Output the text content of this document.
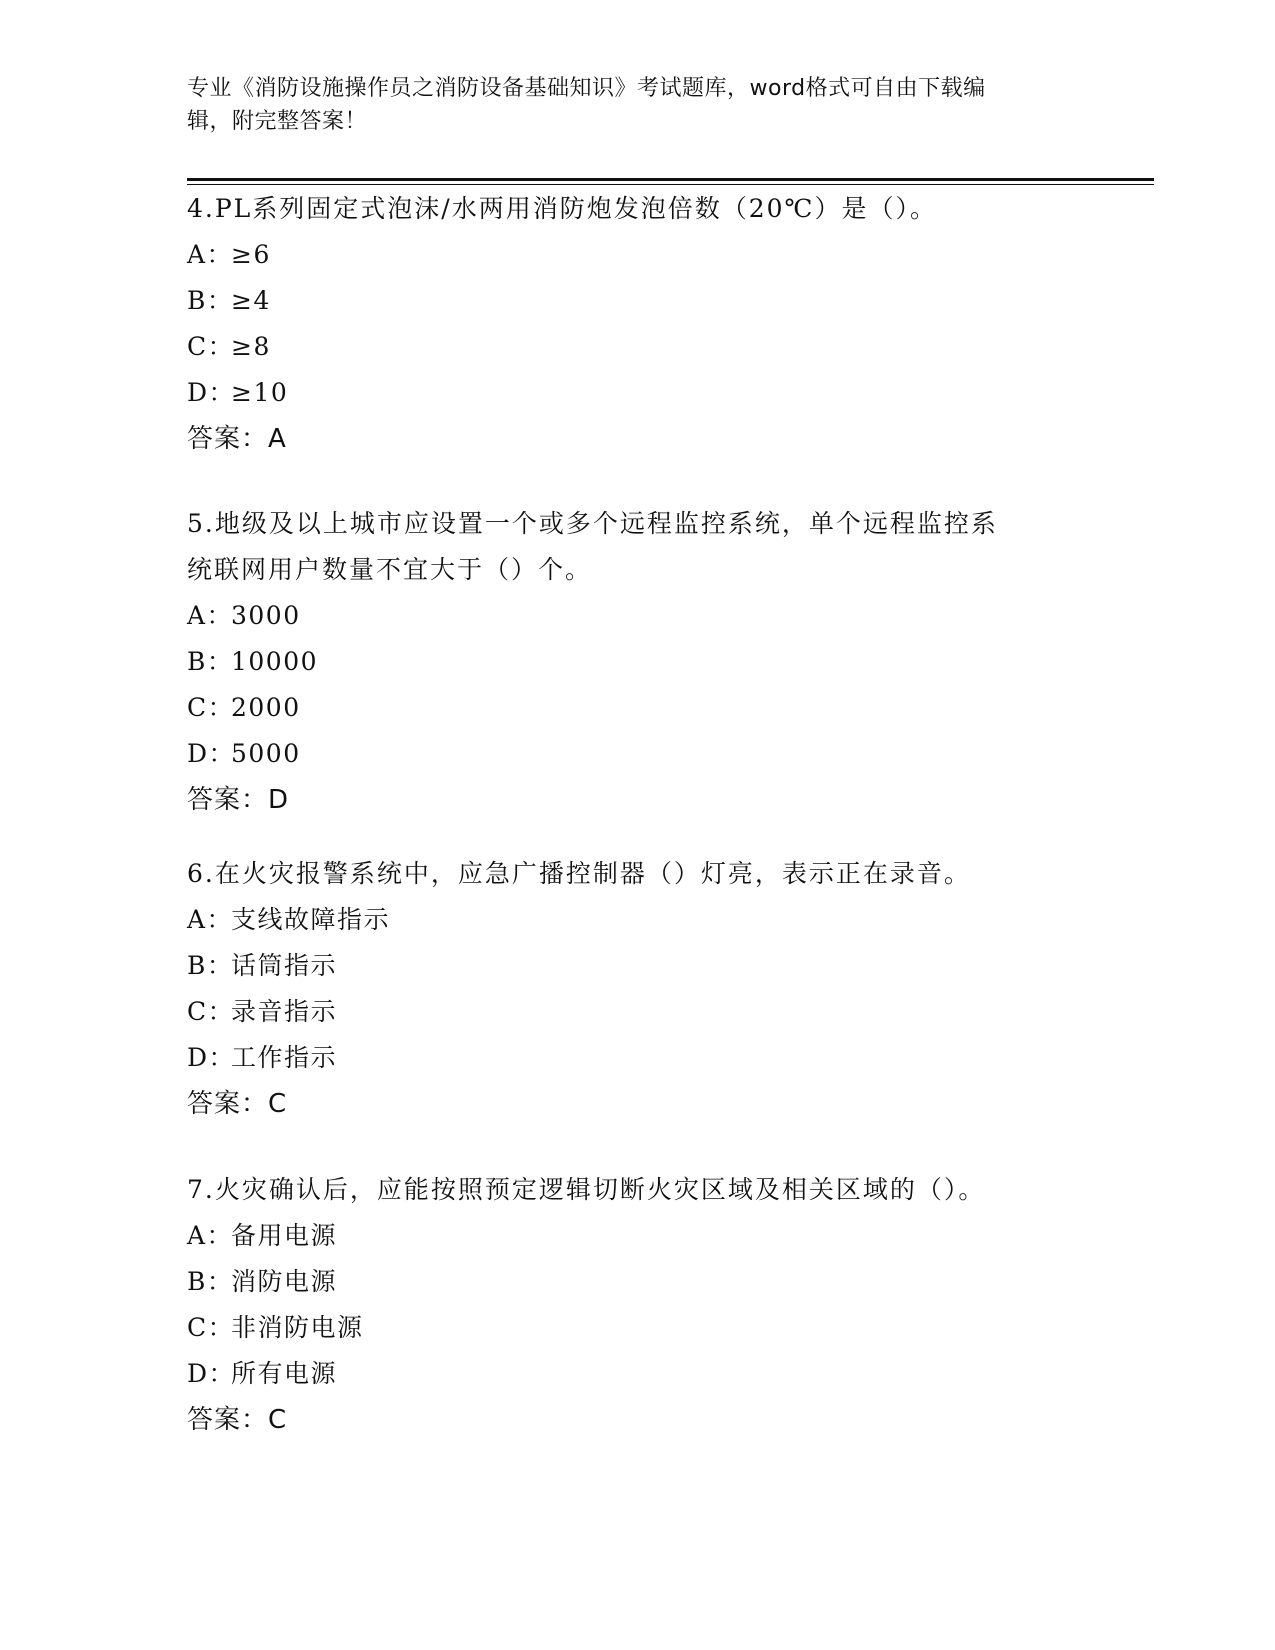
专业《消防设施操作员之消防设备基础知识》考试题库，word格式可自由下载编
辑，附完整答案！

4.PL系列固定式泡沫/水两用消防炮发泡倍数（20℃）是（）。

A：≥6

B：≥4

C：≥8

D：≥10

答案：A

5.地级及以上城市应设置一个或多个远程监控系统，单个远程监控系

统联网用户数量不宜大于（）个。

A：3000

B：10000

C：2000

D：5000

答案：D

6.在火灾报警系统中，应急广播控制器（）灯亮，表示正在录音。

A：支线故障指示

B：话筒指示

C：录音指示

D：工作指示

答案：C

7.火灾确认后，应能按照预定逻辑切断火灾区域及相关区域的（）。

A：备用电源

B：消防电源

C：非消防电源

D：所有电源

答案：C
